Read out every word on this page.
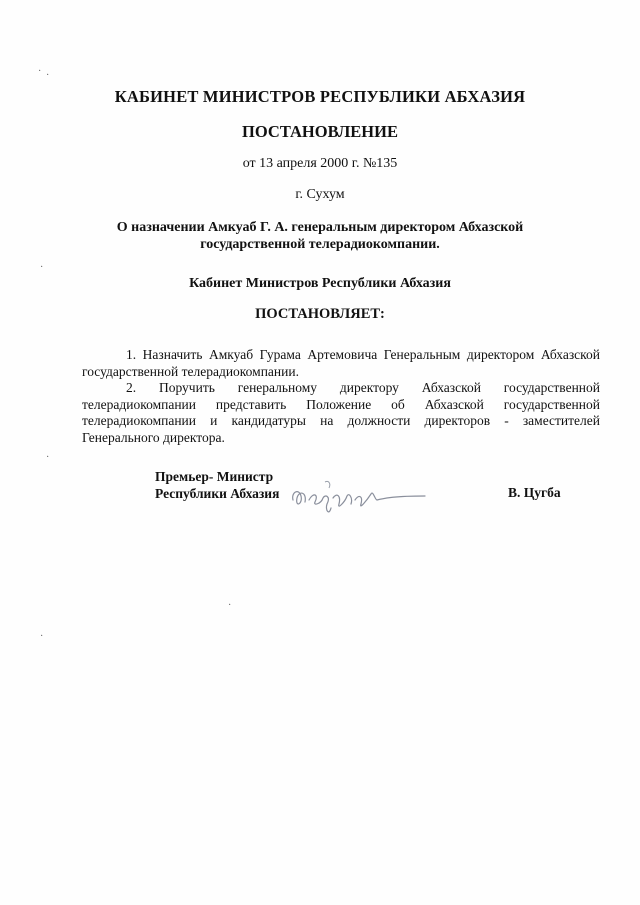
КАБИНЕТ МИНИСТРОВ РЕСПУБЛИКИ АБХАЗИЯ
ПОСТАНОВЛЕНИЕ
от 13 апреля 2000 г. №135
г. Сухум
О назначении Амкуаб Г. А. генеральным директором Абхазской
государственной телерадиокомпании.
Кабинет Министров Республики Абхазия
ПОСТАНОВЛЯЕТ:

1. Назначить Амкуаб Гурама Артемовича Генеральным директором Абхазской государственной телерадиокомпании.

2. Поручить генеральному директору Абхазской государственной телерадиокомпании представить Положение об Абхазской государственной телерадиокомпании и кандидатуры на должности директоров - заместителей Генерального директора.

Премьер- Министр
Республики Абхазия	В. Цугба
· ·
·
·
·
·
